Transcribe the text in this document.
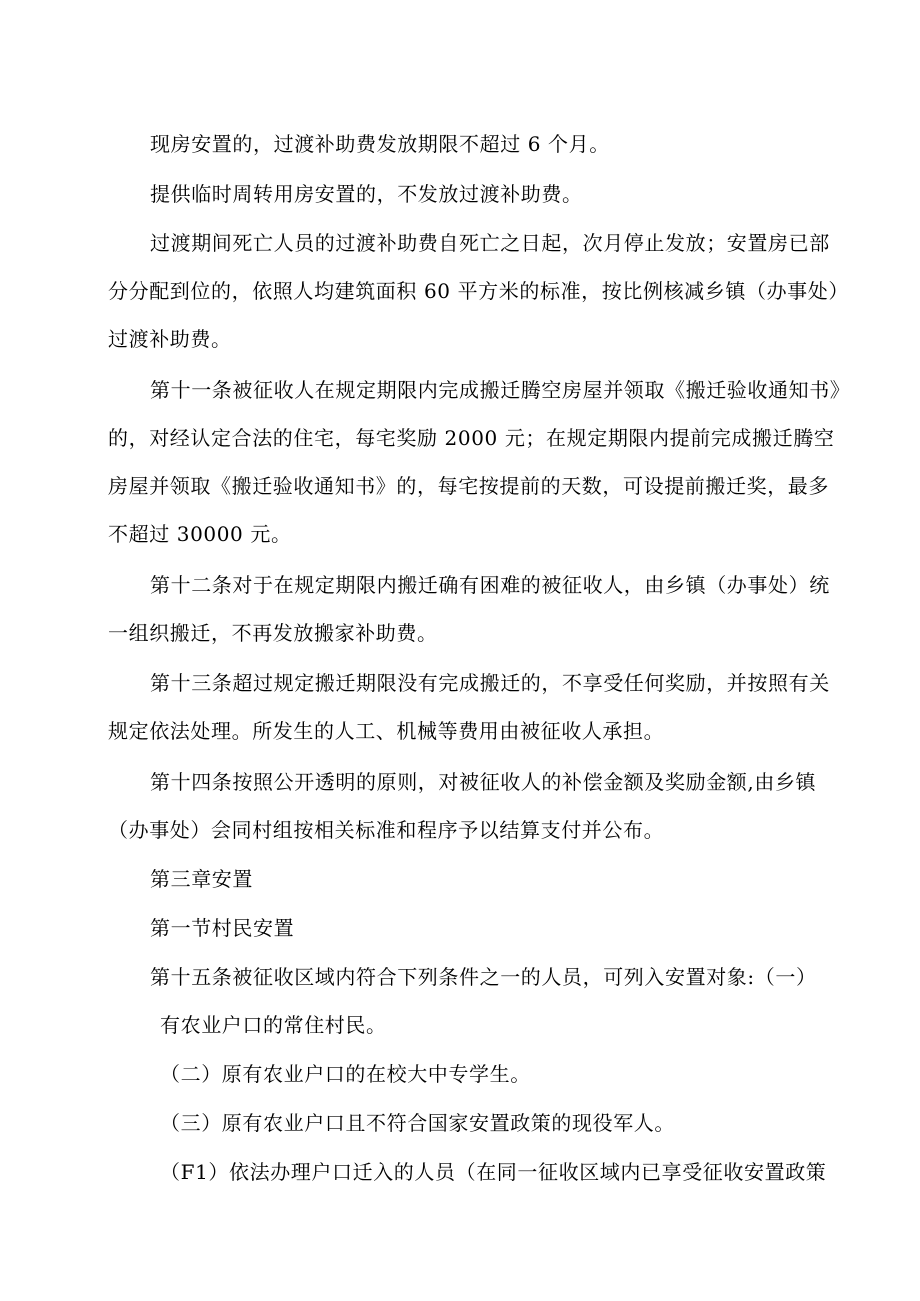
现房安置的，过渡补助费发放期限不超过 6 个月。
提供临时周转用房安置的，不发放过渡补助费。
过渡期间死亡人员的过渡补助费自死亡之日起，次月停止发放；安置房已部
分分配到位的，依照人均建筑面积 60 平方米的标准，按比例核减乡镇（办事处）
过渡补助费。
第十一条被征收人在规定期限内完成搬迁腾空房屋并领取《搬迁验收通知书》
的，对经认定合法的住宅，每宅奖励 2000 元；在规定期限内提前完成搬迁腾空
房屋并领取《搬迁验收通知书》的，每宅按提前的天数，可设提前搬迁奖，最多
不超过 30000 元。
第十二条对于在规定期限内搬迁确有困难的被征收人，由乡镇（办事处）统
一组织搬迁，不再发放搬家补助费。
第十三条超过规定搬迁期限没有完成搬迁的，不享受任何奖励，并按照有关
规定依法处理。所发生的人工、机械等费用由被征收人承担。
第十四条按照公开透明的原则，对被征收人的补偿金额及奖励金额,由乡镇
（办事处）会同村组按相关标准和程序予以结算支付并公布。
第三章安置
第一节村民安置
第十五条被征收区域内符合下列条件之一的人员，可列入安置对象:（一）
有农业户口的常住村民。
（二）原有农业户口的在校大中专学生。
（三）原有农业户口且不符合国家安置政策的现役军人。
（F1）依法办理户口迁入的人员（在同一征收区域内已享受征收安置政策
